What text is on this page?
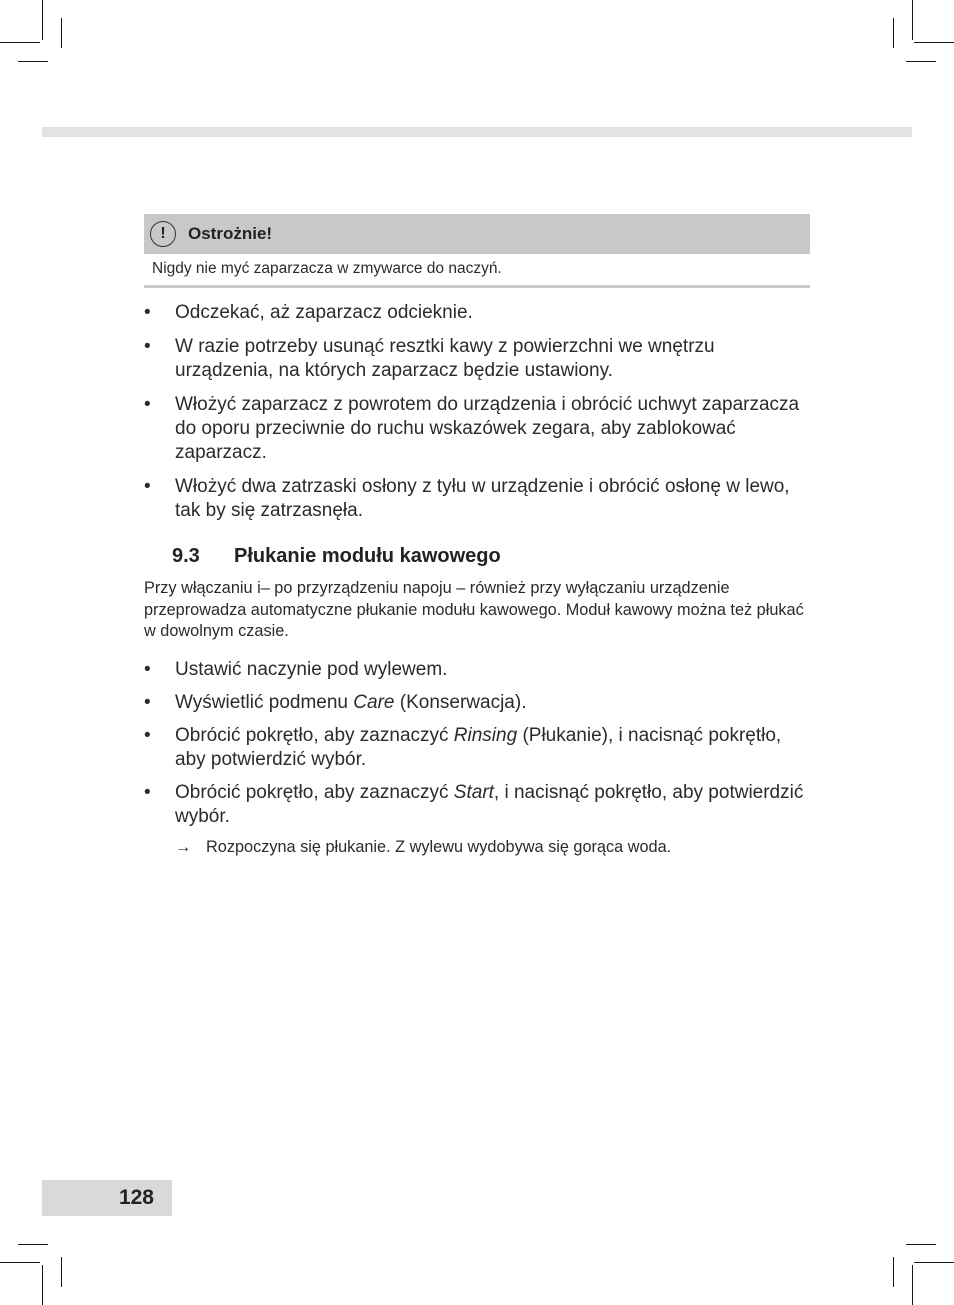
!	Ostrożnie!
Nigdy nie myć zaparzacza w zmywarce do naczyń.
• Odczekać, aż zaparzacz odcieknie.
• W razie potrzeby usunąć resztki kawy z powierzchni we wnętrzu urządzenia, na których zaparzacz będzie ustawiony.
• Włożyć zaparzacz z powrotem do urządzenia i obrócić uchwyt zaparzacza do oporu przeciwnie do ruchu wskazówek zegara, aby zablokować zaparzacz.
• Włożyć dwa zatrzaski osłony z tyłu w urządzenie i obrócić osłonę w lewo, tak by się zatrzasnęła.
9.3 Płukanie modułu kawowego
Przy włączaniu i– po przyrządzeniu napoju – również przy wyłączaniu urządzenie przeprowadza automatyczne płukanie modułu kawowego. Moduł kawowy można też płukać w dowolnym czasie.
• Ustawić naczynie pod wylewem.
• Wyświetlić podmenu Care (Konserwacja).
• Obrócić pokrętło, aby zaznaczyć Rinsing (Płukanie), i nacisnąć pokrętło, aby potwierdzić wybór.
• Obrócić pokrętło, aby zaznaczyć Start, i nacisnąć pokrętło, aby potwierdzić wybór.
→ Rozpoczyna się płukanie. Z wylewu wydobywa się gorąca woda.
128
